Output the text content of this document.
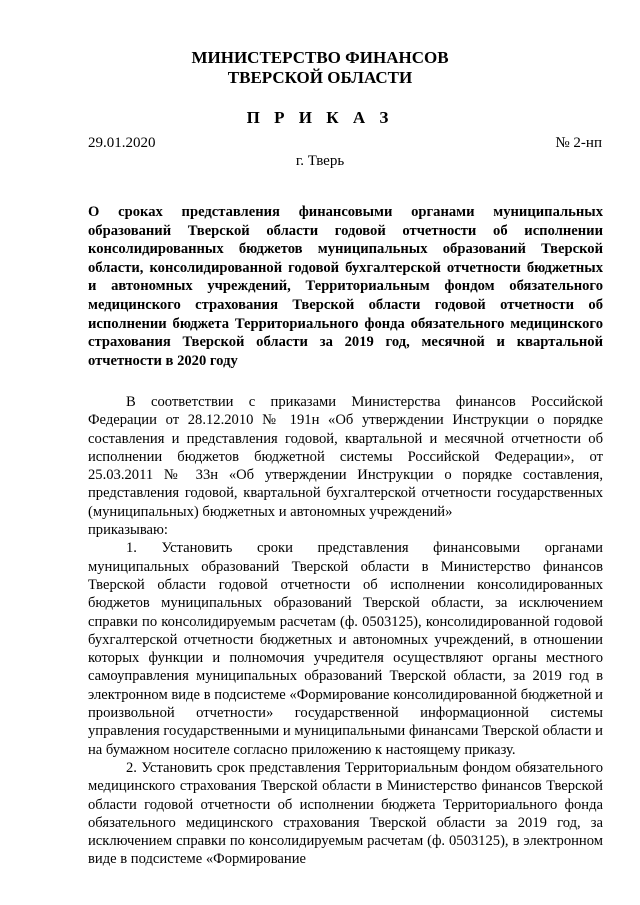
МИНИСТЕРСТВО ФИНАНСОВ
ТВЕРСКОЙ ОБЛАСТИ
П Р И К А З
29.01.2020	№ 2-нп
г. Тверь
О сроках представления финансовыми органами муниципальных образований Тверской области годовой отчетности об исполнении консолидированных бюджетов муниципальных образований Тверской области, консолидированной годовой бухгалтерской отчетности бюджетных и автономных учреждений, Территориальным фондом обязательного медицинского страхования Тверской области годовой отчетности об исполнении бюджета Территориального фонда обязательного медицинского страхования Тверской области за 2019 год, месячной и квартальной отчетности в 2020 году

В соответствии с приказами Министерства финансов Российской Федерации от 28.12.2010 № 191н «Об утверждении Инструкции о порядке составления и представления годовой, квартальной и месячной отчетности об исполнении бюджетов бюджетной системы Российской Федерации», от 25.03.2011 № 33н «Об утверждении Инструкции о порядке составления, представления годовой, квартальной бухгалтерской отчетности государственных (муниципальных) бюджетных и автономных учреждений»

приказываю:

1. Установить сроки представления финансовыми органами муниципальных образований Тверской области в Министерство финансов Тверской области годовой отчетности об исполнении консолидированных бюджетов муниципальных образований Тверской области, за исключением справки по консолидируемым расчетам (ф. 0503125), консолидированной годовой бухгалтерской отчетности бюджетных и автономных учреждений, в отношении которых функции и полномочия учредителя осуществляют органы местного самоуправления муниципальных образований Тверской области, за 2019 год в электронном виде в подсистеме «Формирование консолидированной бюджетной и произвольной отчетности» государственной информационной системы управления государственными и муниципальными финансами Тверской области и на бумажном носителе согласно приложению к настоящему приказу.

2. Установить срок представления Территориальным фондом обязательного медицинского страхования Тверской области в Министерство финансов Тверской области годовой отчетности об исполнении бюджета Территориального фонда обязательного медицинского страхования Тверской области за 2019 год, за исключением справки по консолидируемым расчетам (ф. 0503125), в электронном виде в подсистеме «Формирование
